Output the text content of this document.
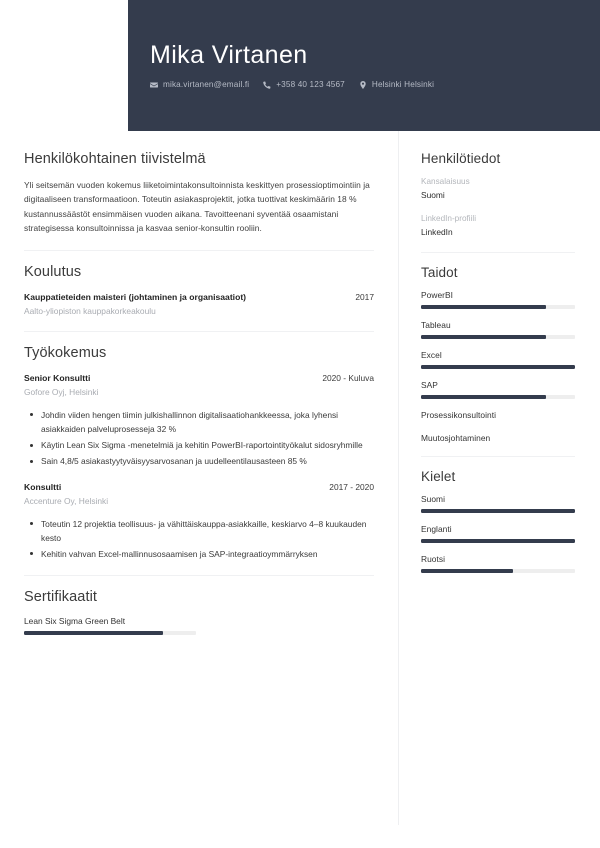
Mika Virtanen
mika.virtanen@email.fi	+358 40 123 4567	Helsinki Helsinki
Henkilökohtainen tiivistelmä
Yli seitsemän vuoden kokemus liiketoimintakonsultoinnista keskittyen prosessioptimointiin ja digitaaliseen transformaatioon. Toteutin asiakasprojektit, jotka tuottivat keskimäärin 18 % kustannussäästöt ensimmäisen vuoden aikana. Tavoitteenani syventää osaamistani strategisessa konsultoinnissa ja kasvaa senior-konsultin rooliin.
Koulutus
Kauppatieteiden maisteri (johtaminen ja organisaatiot)	2017
Aalto-yliopiston kauppakorkeakoulu
Työkokemus
Senior Konsultti	2020 - Kuluva
Gofore Oyj, Helsinki
Johdin viiden hengen tiimin julkishallinnon digitalisaatiohankkeessa, joka lyhensi asiakkaiden palveluprosesseja 32 %
Käytin Lean Six Sigma -menetelmiä ja kehitin PowerBI-raportointityökalut sidosryhmille
Sain 4,8/5 asiakastyytyväisyysarvosanan ja uudelleentilausasteen 85 %
Konsultti	2017 - 2020
Accenture Oy, Helsinki
Toteutin 12 projektia teollisuus- ja vähittäiskauppa-asiakkaille, keskiarvo 4–8 kuukauden kesto
Kehitin vahvan Excel-mallinnusosaamisen ja SAP-integraatioymmärryksen
Sertifikaatit
Lean Six Sigma Green Belt
Henkilötiedot
Kansalaisuus
Suomi
LinkedIn-profiili
LinkedIn
Taidot
PowerBI
Tableau
Excel
SAP
Prosessikonsultointi
Muutosjohtaminen
Kielet
Suomi
Englanti
Ruotsi
